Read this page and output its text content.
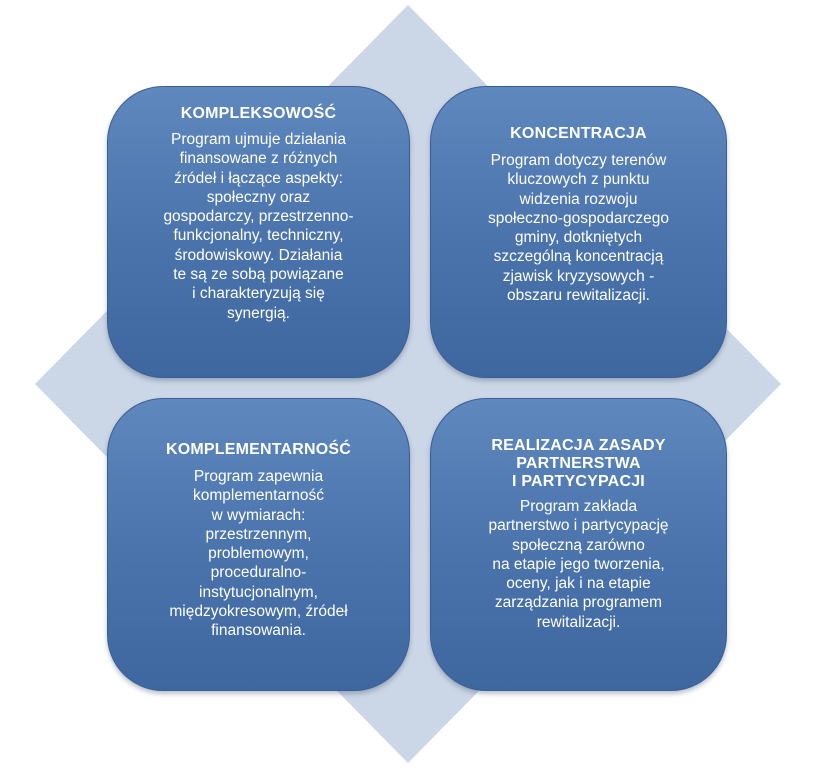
KOMPLEKSOWOŚĆ
Program ujmuje działania
finansowane z różnych
źródeł i łączące aspekty:
społeczny oraz
gospodarczy, przestrzenno-
funkcjonalny, techniczny,
środowiskowy. Działania
te są ze sobą powiązane
i charakteryzują się
synergią.
KONCENTRACJA
Program dotyczy terenów
kluczowych z punktu
widzenia rozwoju
społeczno-gospodarczego
gminy, dotkniętych
szczególną koncentracją
zjawisk kryzysowych -
obszaru rewitalizacji.
KOMPLEMENTARNOŚĆ
Program zapewnia
komplementarność
w wymiarach:
przestrzennym,
problemowym,
proceduralno-
instytucjonalnym,
międzyokresowym, źródeł
finansowania.
REALIZACJA ZASADY
PARTNERSTWA
I PARTYCYPACJI
Program zakłada
partnerstwo i partycypację
społeczną zarówno
na etapie jego tworzenia,
oceny, jak i na etapie
zarządzania programem
rewitalizacji.
